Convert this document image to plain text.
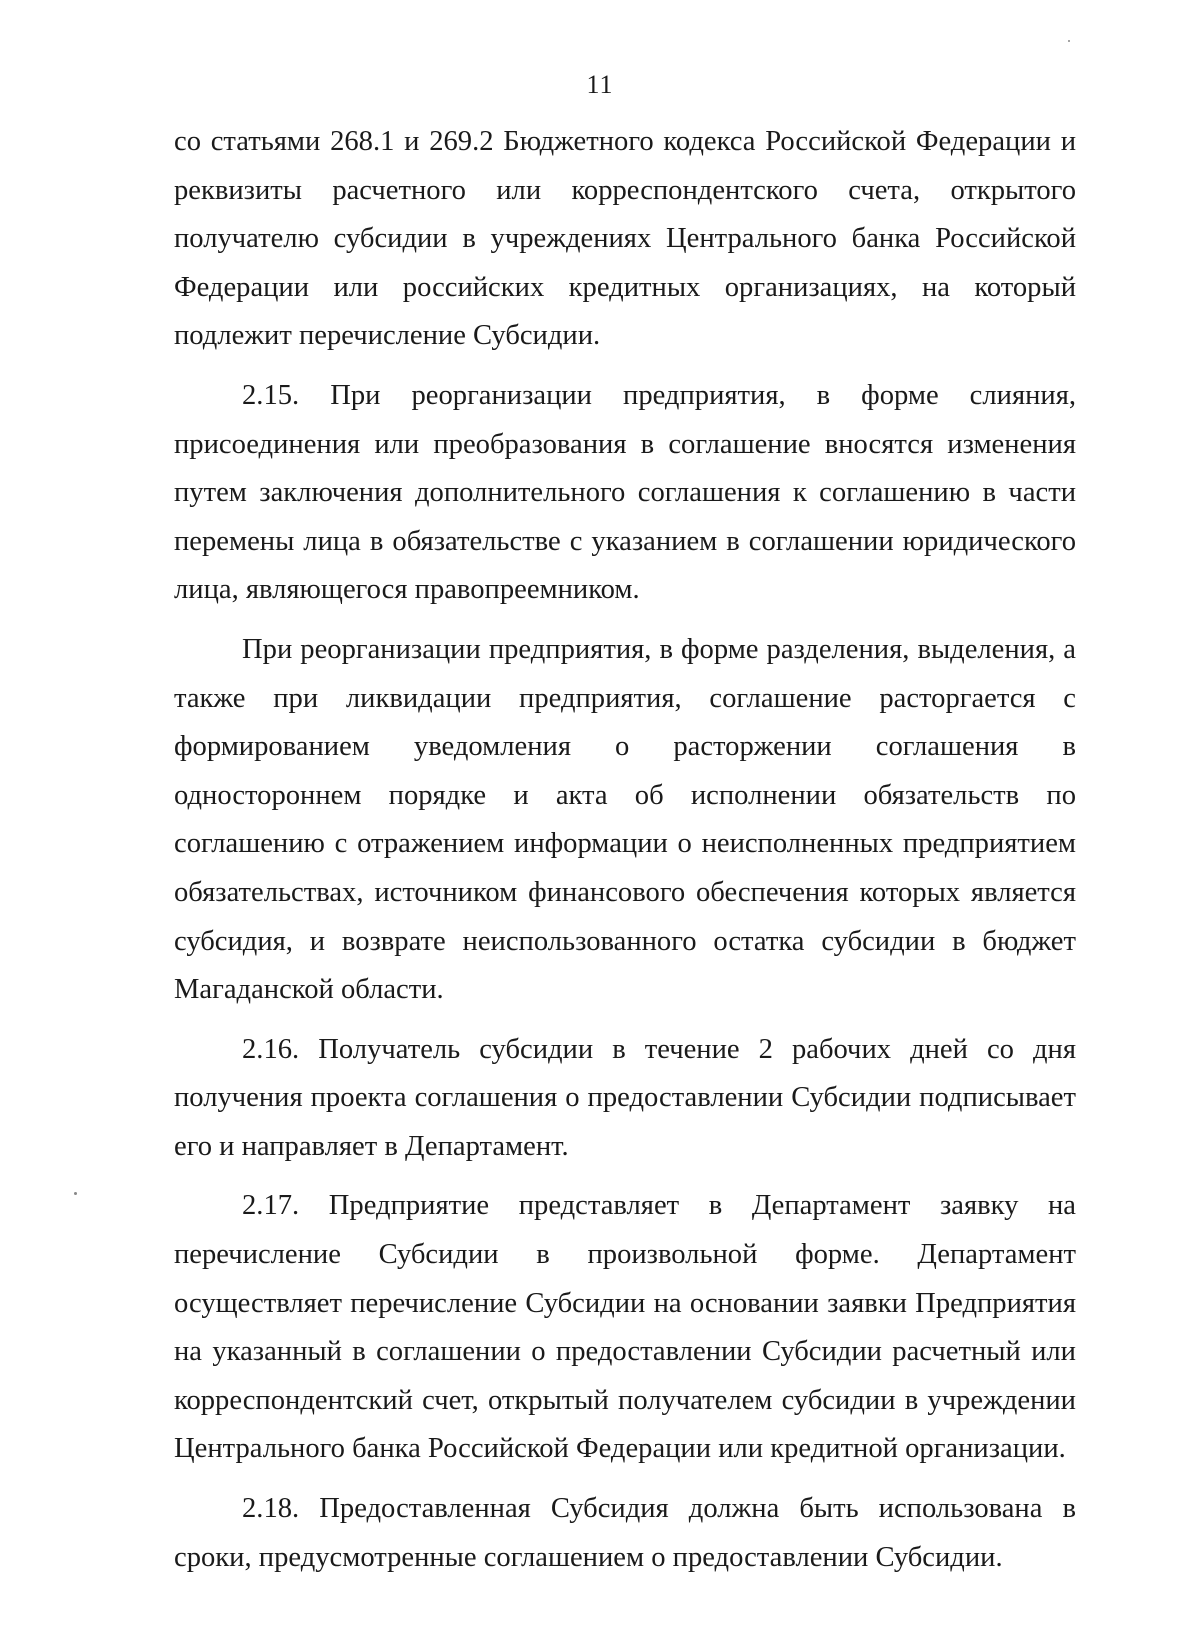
11

со статьями 268.1 и 269.2 Бюджетного кодекса Российской Федерации и реквизиты расчетного или корреспондентского счета, открытого получателю субсидии в учреждениях Центрального банка Российской Федерации или российских кредитных организациях, на который подлежит перечисление Субсидии.

2.15. При реорганизации предприятия, в форме слияния, присоединения или преобразования в соглашение вносятся изменения путем заключения дополнительного соглашения к соглашению в части перемены лица в обязательстве с указанием в соглашении юридического лица, являющегося правопреемником.

При реорганизации предприятия, в форме разделения, выделения, а также при ликвидации предприятия, соглашение расторгается с формированием уведомления о расторжении соглашения в одностороннем порядке и акта об исполнении обязательств по соглашению с отражением информации о неисполненных предприятием обязательствах, источником финансового обеспечения которых является субсидия, и возврате неиспользованного остатка субсидии в бюджет Магаданской области.

2.16. Получатель субсидии в течение 2 рабочих дней со дня получения проекта соглашения о предоставлении Субсидии подписывает его и направляет в Департамент.

2.17. Предприятие представляет в Департамент заявку на перечисление Субсидии в произвольной форме. Департамент осуществляет перечисление Субсидии на основании заявки Предприятия на указанный в соглашении о предоставлении Субсидии расчетный или корреспондентский счет, открытый получателем субсидии в учреждении Центрального банка Российской Федерации или кредитной организации.

2.18. Предоставленная Субсидия должна быть использована в сроки, предусмотренные соглашением о предоставлении Субсидии.
